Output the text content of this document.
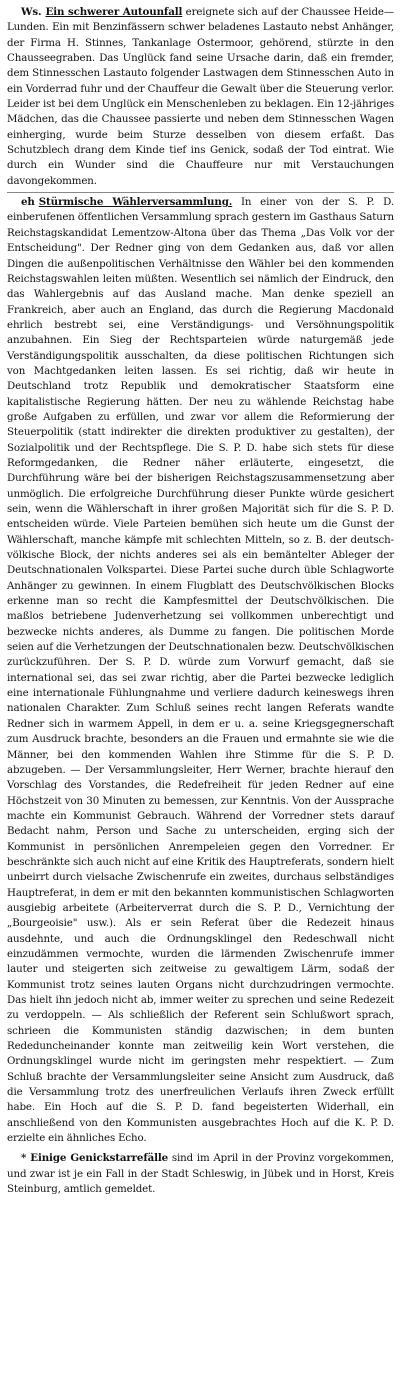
Ws. Ein schwerer Autounfall ereignete sich auf der Chaussee Heide—Lunden. Ein mit Benzinfässern schwer beladenes Lastauto nebst Anhänger, der Firma H. Stinnes, Tankanlage Ostermoor, gehörend, stürzte in den Chausseegraben. Das Unglück fand seine Ursache darin, daß ein fremder, dem Stinnesschen Lastauto folgender Lastwagen dem Stinnesschen Auto in ein Vorderrad fuhr und der Chauffeur die Gewalt über die Steuerung verlor. Leider ist bei dem Unglück ein Menschenleben zu beklagen. Ein 12-jähriges Mädchen, das die Chaussee passierte und neben dem Stinnesschen Wagen einherging, wurde beim Sturze desselben von diesem erfaßt. Das Schutzblech drang dem Kinde tief ins Genick, sodaß der Tod eintrat. Wie durch ein Wunder sind die Chauffeure nur mit Verstauchungen davongekommen.

eh Stürmische Wählerversammlung. In einer von der S. P. D. einberufenen öffentlichen Versammlung sprach gestern im Gasthaus Saturn Reichstagskandidat Lementzow-Altona über das Thema „Das Volk vor der Entscheidung". Der Redner ging von dem Gedanken aus, daß vor allen Dingen die außenpolitischen Verhältnisse den Wähler bei den kommenden Reichstagswahlen leiten müßten. Wesentlich sei nämlich der Eindruck, den das Wahlergebnis auf das Ausland mache. Man denke speziell an Frankreich, aber auch an England, das durch die Regierung Macdonald ehrlich bestrebt sei, eine Verständigungs- und Versöhnungspolitik anzubahnen. Ein Sieg der Rechtsparteien würde naturgemäß jede Verständigungspolitik ausschalten, da diese politischen Richtungen sich von Machtgedanken leiten lassen. Es sei richtig, daß wir heute in Deutschland trotz Republik und demokratischer Staatsform eine kapitalistische Regierung hätten. Der neu zu wählende Reichstag habe große Aufgaben zu erfüllen, und zwar vor allem die Reformierung der Steuerpolitik (statt indirekter die direkten produktiver zu gestalten), der Sozialpolitik und der Rechtspflege. Die S. P. D. habe sich stets für diese Reformgedanken, die Redner näher erläuterte, eingesetzt, die Durchführung wäre bei der bisherigen Reichstagszusammensetzung aber unmöglich. Die erfolgreiche Durchführung dieser Punkte würde gesichert sein, wenn die Wählerschaft in ihrer großen Majorität sich für die S. P. D. entscheiden würde. Viele Parteien bemühen sich heute um die Gunst der Wählerschaft, manche kämpfe mit schlechten Mitteln, so z. B. der deutsch-völkische Block, der nichts anderes sei als ein bemäntelter Ableger der Deutschnationalen Volkspartei. Diese Partei suche durch üble Schlagworte Anhänger zu gewinnen. In einem Flugblatt des Deutschvölkischen Blocks erkenne man so recht die Kampfesmittel der Deutschvölkischen. Die maßlos betriebene Judenverhetzung sei vollkommen unberechtigt und bezwecke nichts anderes, als Dumme zu fangen. Die politischen Morde seien auf die Verhetzungen der Deutschnationalen bezw. Deutschvölkischen zurückzuführen. Der S. P. D. würde zum Vorwurf gemacht, daß sie international sei, das sei zwar richtig, aber die Partei bezwecke lediglich eine internationale Fühlungnahme und verliere dadurch keineswegs ihren nationalen Charakter. Zum Schluß seines recht langen Referats wandte Redner sich in warmem Appell, in dem er u. a. seine Kriegsgegnerschaft zum Ausdruck brachte, besonders an die Frauen und ermahnte sie wie die Männer, bei den kommenden Wahlen ihre Stimme für die S. P. D. abzugeben. — Der Versammlungsleiter, Herr Werner, brachte hierauf den Vorschlag des Vorstandes, die Redefreiheit für jeden Redner auf eine Höchstzeit von 30 Minuten zu bemessen, zur Kenntnis. Von der Aussprache machte ein Kommunist Gebrauch. Während der Vorredner stets darauf Bedacht nahm, Person und Sache zu unterscheiden, erging sich der Kommunist in persönlichen Anrempeleien gegen den Vorredner. Er beschränkte sich auch nicht auf eine Kritik des Hauptreferats, sondern hielt unbeirrt durch vielsache Zwischenrufe ein zweites, durchaus selbständiges Hauptreferat, in dem er mit den bekannten kommunistischen Schlagworten ausgiebig arbeitete (Arbeiterverrat durch die S. P. D., Vernichtung der „Bourgeoisie" usw.). Als er sein Referat über die Redezeit hinaus ausdehnte, und auch die Ordnungsklingel den Redeschwall nicht einzudämmen vermochte, wurden die lärmenden Zwischenrufe immer lauter und steigerten sich zeitweise zu gewaltigem Lärm, sodaß der Kommunist trotz seines lauten Organs nicht durchzudringen vermochte. Das hielt ihn jedoch nicht ab, immer weiter zu sprechen und seine Redezeit zu verdoppeln. — Als schließlich der Referent sein Schlußwort sprach, schrieen die Kommunisten ständig dazwischen; in dem bunten Rededuncheinander konnte man zeitweilig kein Wort verstehen, die Ordnungsklingel wurde nicht im geringsten mehr respektiert. — Zum Schluß brachte der Versammlungsleiter seine Ansicht zum Ausdruck, daß die Versammlung trotz des unerfreulichen Verlaufs ihren Zweck erfüllt habe. Ein Hoch auf die S. P. D. fand begeisterten Widerhall, ein anschließend von den Kommunisten ausgebrachtes Hoch auf die K. P. D. erzielte ein ähnliches Echo.

* Einige Genickstarrefälle sind im April in der Provinz vorgekommen, und zwar ist je ein Fall in der Stadt Schleswig, in Jübek und in Horst, Kreis Steinburg, amtlich gemeldet.
